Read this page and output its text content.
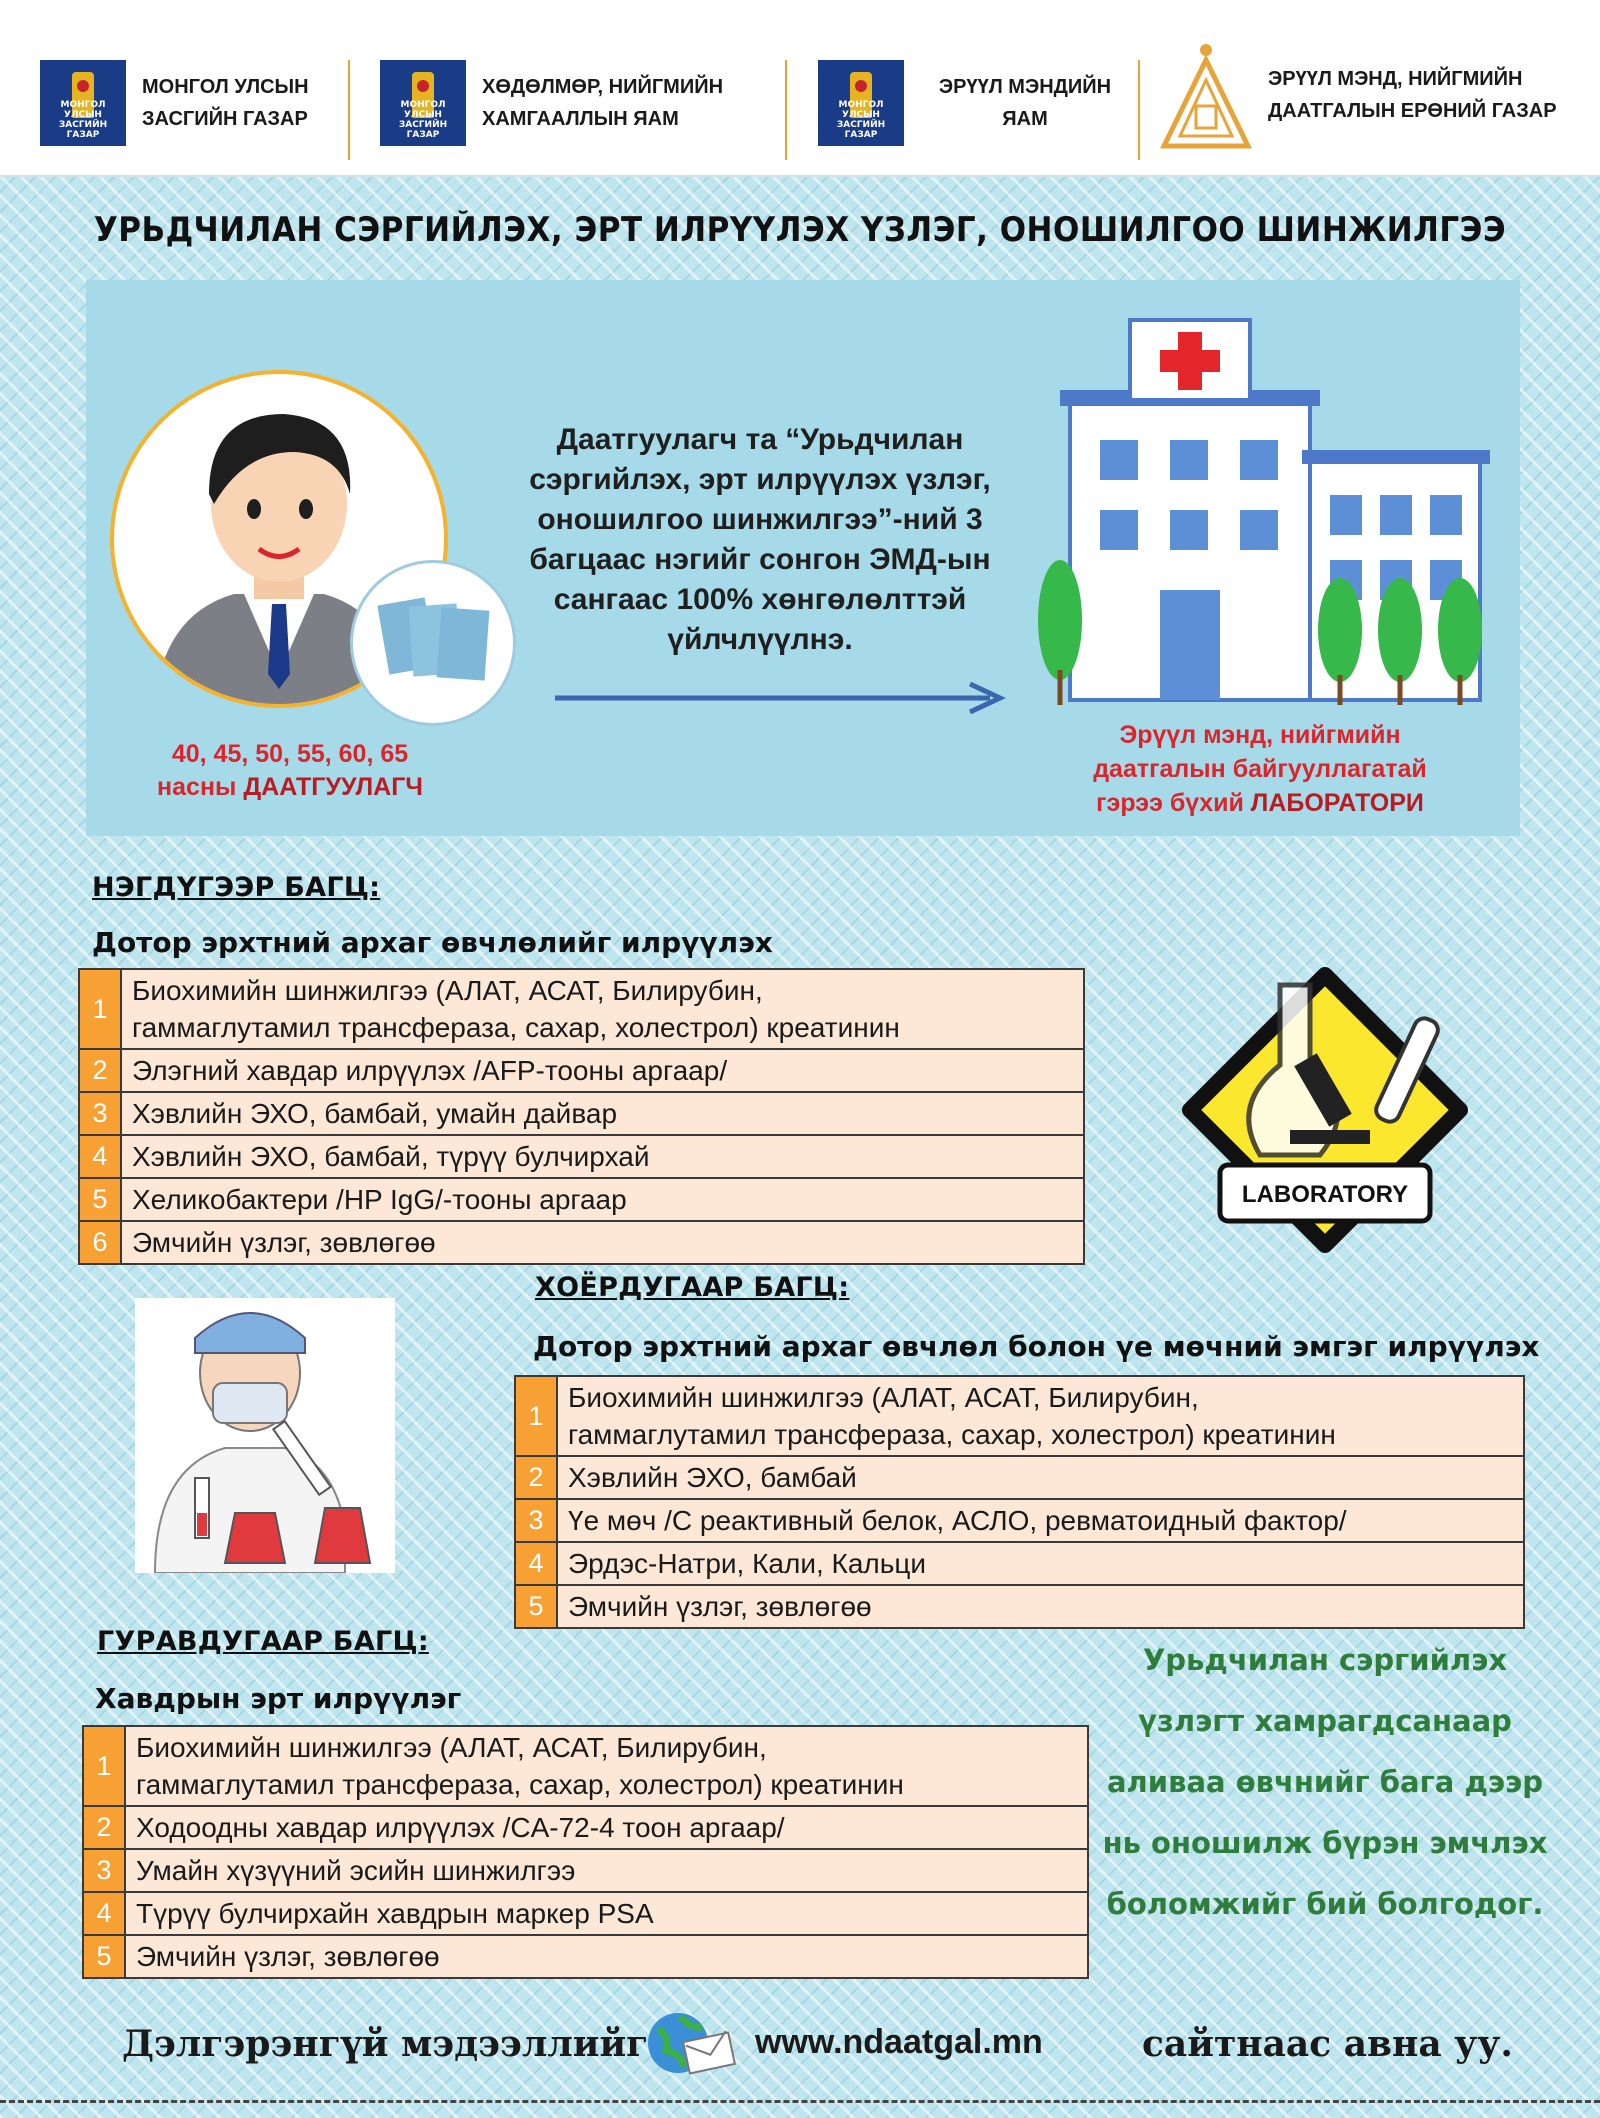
МОНГОЛ УЛСЫН
ЗАСГИЙН ГАЗАР
МОНГОЛ УЛСЫН
ЗАСГИЙН ГАЗАР
МОНГОЛ УЛСЫН
ЗАСГИЙН ГАЗАР
ХӨДӨЛМӨР, НИЙГМИЙН
ХАМГААЛЛЫН ЯАМ
МОНГОЛ УЛСЫН
ЗАСГИЙН ГАЗАР
ЭРҮҮЛ МЭНДИЙН
ЯАМ
ЭРҮҮЛ МЭНД, НИЙГМИЙН
ДААТГАЛЫН ЕРӨНИЙ ГАЗАР
УРЬДЧИЛАН СЭРГИЙЛЭХ, ЭРТ ИЛРҮҮЛЭХ ҮЗЛЭГ, ОНОШИЛГОО ШИНЖИЛГЭЭ
Даатгуулагч та “Урьдчилан
сэргийлэх, эрт илрүүлэх үзлэг,
оношилгоо шинжилгээ”-ний 3
багцаас нэгийг сонгон ЭМД-ын
сангаас 100% хөнгөлөлттэй
үйлчлүүлнэ.
40, 45, 50, 55, 60, 65
насны ДААТГУУЛАГЧ
Эрүүл мэнд, нийгмийн
даатгалын байгууллагатай
гэрээ бүхий ЛАБОРАТОРИ
НЭГДҮГЭЭР БАГЦ:
Дотор эрхтний архаг өвчлөлийг илрүүлэх
1
Биохимийн шинжилгээ (АЛАТ, АСАТ, Билирубин,
гаммаглутамил трансфераза, сахар, холестрол) креатинин
2 Элэгний хавдар илрүүлэх /AFP-тооны аргаар/
3 Хэвлийн ЭХО, бамбай, умайн дайвар
4 Хэвлийн ЭХО, бамбай, түрүү булчирхай
5 Хеликобактери /HP IgG/-тооны аргаар
6 Эмчийн үзлэг, зөвлөгөө
LABORATORY
ХОЁРДУГААР БАГЦ:
Дотор эрхтний архаг өвчлөл болон үе мөчний эмгэг илрүүлэх
1
Биохимийн шинжилгээ (АЛАТ, АСАТ, Билирубин,
гаммаглутамил трансфераза, сахар, холестрол) креатинин
2 Хэвлийн ЭХО, бамбай
3 Үе мөч /С реактивный белок, АСЛО, ревматоидный фактор/
4 Эрдэс-Натри, Кали, Кальци
5 Эмчийн үзлэг, зөвлөгөө
ГУРАВДУГААР БАГЦ:
Хавдрын эрт илрүүлэг
1
Биохимийн шинжилгээ (АЛАТ, АСАТ, Билирубин,
гаммаглутамил трансфераза, сахар, холестрол) креатинин
2 Ходоодны хавдар илрүүлэх /CA-72-4 тоон аргаар/
3 Умайн хүзүүний эсийн шинжилгээ
4 Түрүү булчирхайн хавдрын маркер PSA
5 Эмчийн үзлэг, зөвлөгөө
Урьдчилан сэргийлэх
үзлэгт хамрагдсанаар
аливаа өвчнийг бага дээр
нь оношилж бүрэн эмчлэх
боломжийг бий болгодог.
Дэлгэрэнгүй мэдээллийг	www.ndaatgal.mn	сайтнаас авна уу.
